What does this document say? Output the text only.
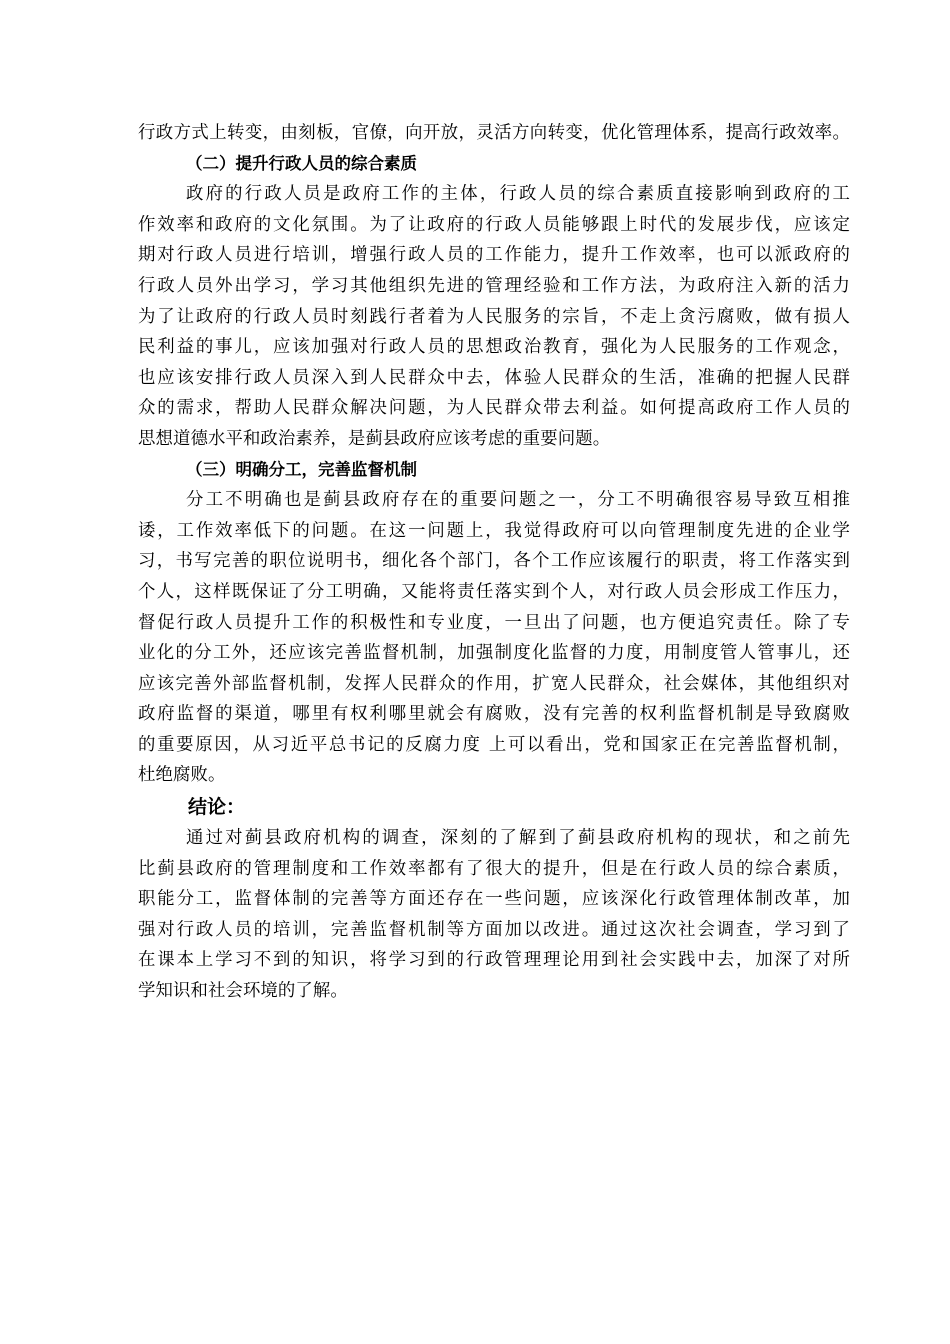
行政方式上转变，由刻板，官僚，向开放，灵活方向转变，优化管理体系，提高行政效率。
（二）提升行政人员的综合素质
政府的行政人员是政府工作的主体，行政人员的综合素质直接影响到政府的工
作效率和政府的文化氛围。为了让政府的行政人员能够跟上时代的发展步伐，应该定
期对行政人员进行培训，增强行政人员的工作能力，提升工作效率，也可以派政府的
行政人员外出学习，学习其他组织先进的管理经验和工作方法，为政府注入新的活力
为了让政府的行政人员时刻践行者着为人民服务的宗旨，不走上贪污腐败，做有损人
民利益的事儿，应该加强对行政人员的思想政治教育，强化为人民服务的工作观念，
也应该安排行政人员深入到人民群众中去，体验人民群众的生活，准确的把握人民群
众的需求，帮助人民群众解决问题，为人民群众带去利益。如何提高政府工作人员的
思想道德水平和政治素养，是蓟县政府应该考虑的重要问题。
（三）明确分工，完善监督机制
分工不明确也是蓟县政府存在的重要问题之一，分工不明确很容易导致互相推
诿，工作效率低下的问题。在这一问题上，我觉得政府可以向管理制度先进的企业学
习，书写完善的职位说明书，细化各个部门，各个工作应该履行的职责，将工作落实到
个人，这样既保证了分工明确，又能将责任落实到个人，对行政人员会形成工作压力，
督促行政人员提升工作的积极性和专业度，一旦出了问题，也方便追究责任。除了专
业化的分工外，还应该完善监督机制，加强制度化监督的力度，用制度管人管事儿，还
应该完善外部监督机制，发挥人民群众的作用，扩宽人民群众，社会媒体，其他组织对
政府监督的渠道，哪里有权利哪里就会有腐败，没有完善的权利监督机制是导致腐败
的重要原因，从习近平总书记的反腐力度 上可以看出，党和国家正在完善监督机制，
杜绝腐败。
结论：
通过对蓟县政府机构的调查，深刻的了解到了蓟县政府机构的现状，和之前先
比蓟县政府的管理制度和工作效率都有了很大的提升，但是在行政人员的综合素质，
职能分工，监督体制的完善等方面还存在一些问题，应该深化行政管理体制改革，加
强对行政人员的培训，完善监督机制等方面加以改进。通过这次社会调查，学习到了
在课本上学习不到的知识，将学习到的行政管理理论用到社会实践中去，加深了对所
学知识和社会环境的了解。
